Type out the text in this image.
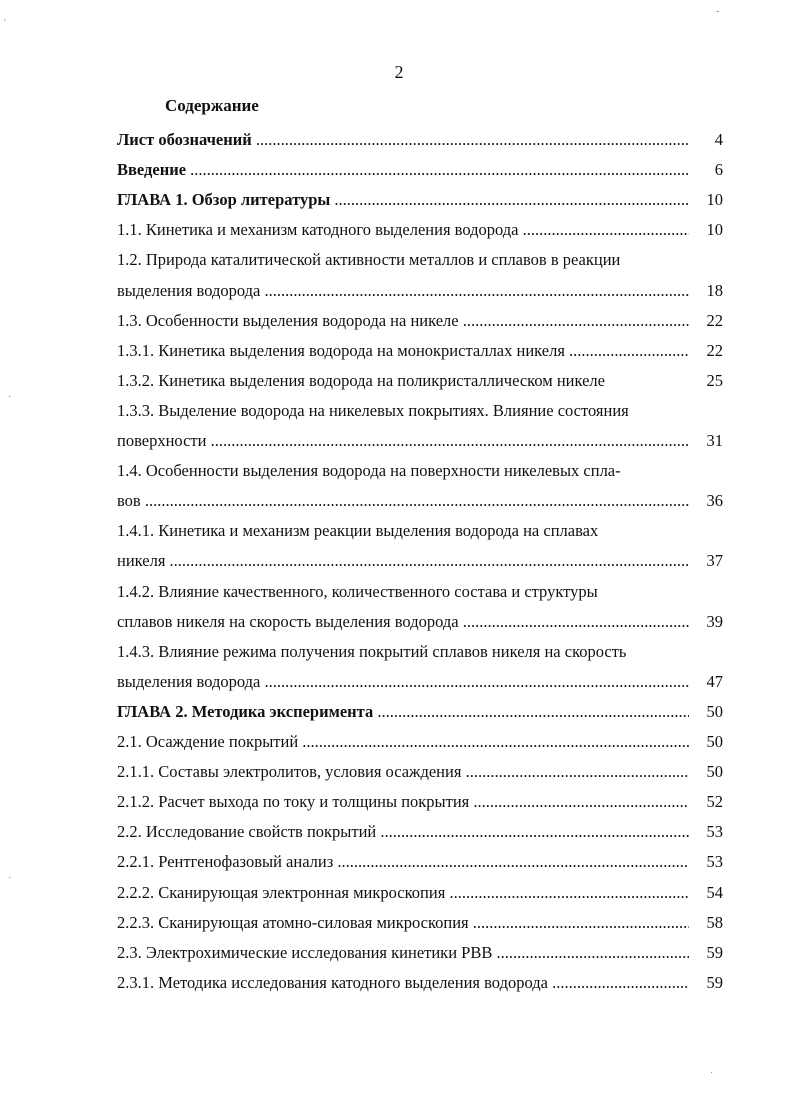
2
Содержание
Лист обозначений .....	4
Введение .....	6
ГЛАВА 1. Обзор литературы .....	10
1.1. Кинетика и механизм катодного выделения водорода .....	10
1.2. Природа каталитической активности металлов и сплавов в реакции
выделения водорода .....	18
1.3. Особенности выделения водорода на никеле .....	22
1.3.1. Кинетика выделения водорода на монокристаллах никеля .....	22
1.3.2. Кинетика выделения водорода на поликристаллическом никеле	25
1.3.3. Выделение водорода на никелевых покрытиях. Влияние состояния
поверхности .....	31
1.4. Особенности выделения водорода на поверхности никелевых спла-
вов .....	36
1.4.1. Кинетика и механизм реакции выделения водорода на сплавах
никеля .....	37
1.4.2. Влияние качественного, количественного состава и структуры
сплавов никеля на скорость выделения водорода .....	39
1.4.3. Влияние режима получения покрытий сплавов никеля на скорость
выделения водорода .....	47
ГЛАВА 2. Методика эксперимента .....	50
2.1. Осаждение покрытий .....	50
2.1.1. Составы электролитов, условия осаждения .....	50
2.1.2. Расчет выхода по току и толщины покрытия .....	52
2.2. Исследование свойств покрытий .....	53
2.2.1. Рентгенофазовый анализ .....	53
2.2.2. Сканирующая электронная микроскопия .....	54
2.2.3. Сканирующая атомно-силовая микроскопия .....	58
2.3. Электрохимические исследования кинетики РВВ .....	59
2.3.1. Методика исследования катодного выделения водорода .....	59
'
-
·
·
·
